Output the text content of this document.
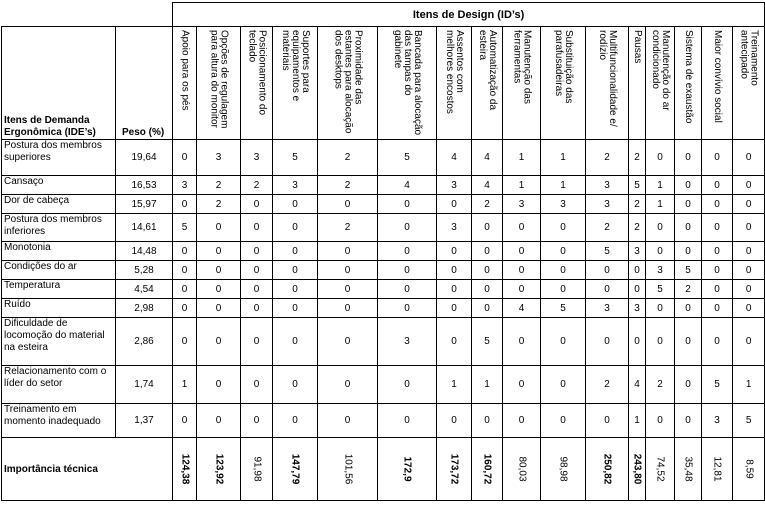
		Itens de Design (ID’s)															
Itens de Demanda Ergonômica (IDE’s)	Peso (%)	Apoio para os pés	Opções de regulagem para altura do monitor	Posicionamento do teclado	Suportes para equipamentos e materiais	Proximidade das estantes para alocação dos desktops	Bancada para alocação das tampas do gabinete	Assentos com melhores encostos	Automatização da esteira	Manutenção das ferramentas	Substituição das parafusadeiras	Multifuncionalidade e/ rodízio	Pausas	Manutenção do ar condicionado	Sistema de exaustão	Maior convívio social	Treinamento antecipado

Postura dos membros superiores	19,64	0	3	3	5	2	5	4	4	1	1	2	2	0	0	0	0
Cansaço	16,53	3	2	2	3	2	4	3	4	1	1	3	5	1	0	0	0
Dor de cabeça	15,97	0	2	0	0	0	0	0	2	3	3	3	2	1	0	0	0
Postura dos membros inferiores	14,61	5	0	0	0	2	0	3	0	0	0	2	2	0	0	0	0
Monotonia	14,48	0	0	0	0	0	0	0	0	0	0	5	3	0	0	0	0
Condições do ar	5,28	0	0	0	0	0	0	0	0	0	0	0	0	3	5	0	0
Temperatura	4,54	0	0	0	0	0	0	0	0	0	0	0	0	5	2	0	0
Ruído	2,98	0	0	0	0	0	0	0	0	4	5	3	3	0	0	0	0
Dificuldade de locomoção do material na esteira	2,86	0	0	0	0	0	3	0	5	0	0	0	0	0	0	0	0
Relacionamento com o líder do setor	1,74	1	0	0	0	0	0	1	1	0	0	2	4	2	0	5	1
Treinamento em momento inadequado	1,37	0	0	0	0	0	0	0	0	0	0	0	1	0	0	3	5
Importância técnica		124,38	123,92	91,98	147,79	101,56	172,9	173,72	160,72	80,03	98,98	250,82	243,80	74,52	35,48	12,81	8,59
